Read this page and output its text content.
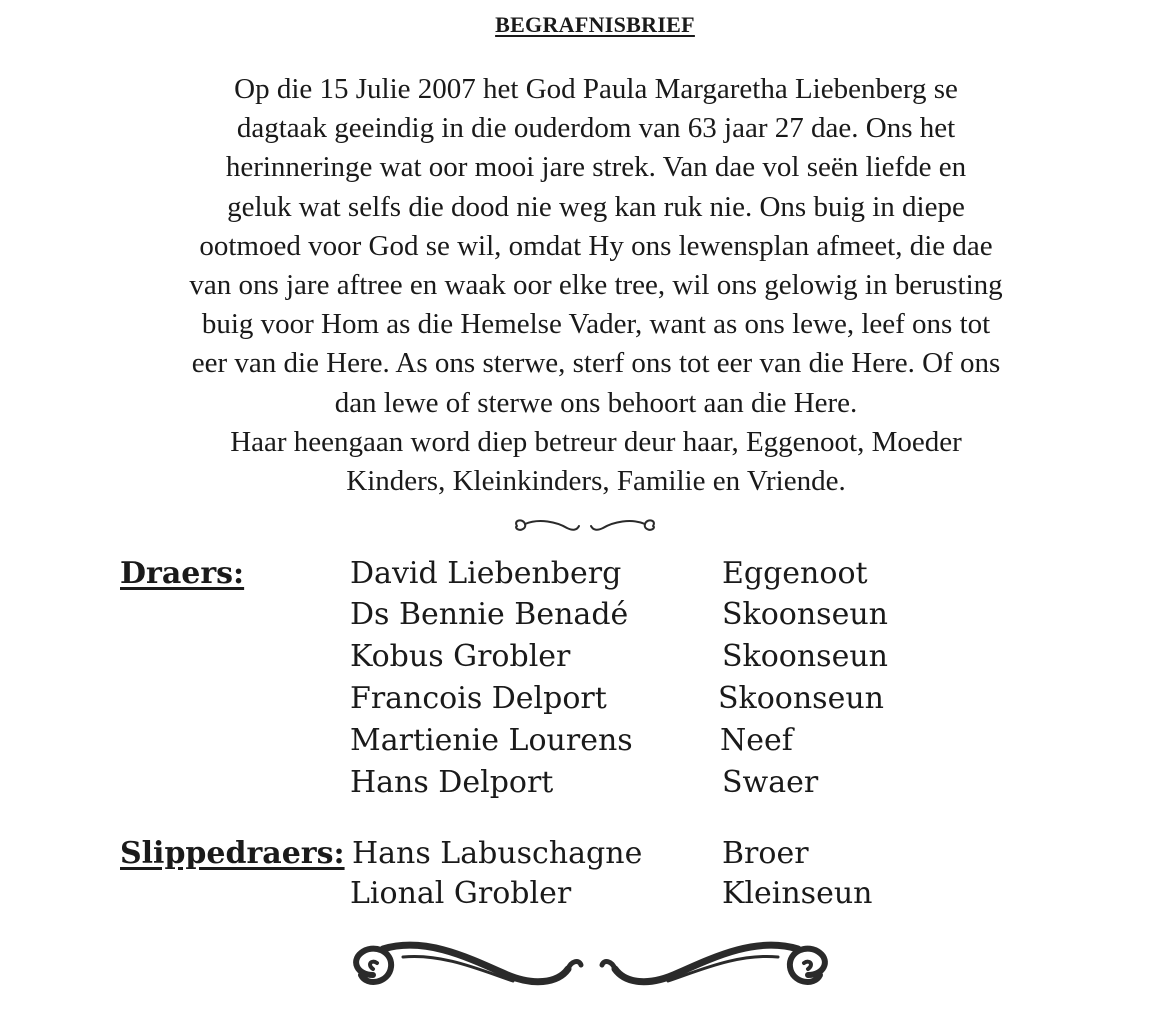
BEGRAFNISBRIEF
Op die 15 Julie 2007 het God Paula Margaretha Liebenberg se
dagtaak geeindig in die ouderdom van 63 jaar 27 dae. Ons het
herinneringe wat oor mooi jare strek. Van dae vol seën liefde en
geluk wat selfs die dood nie weg kan ruk nie. Ons buig in diepe
ootmoed voor God se wil, omdat Hy ons lewensplan afmeet, die dae
van ons jare aftree en waak oor elke tree, wil ons gelowig in berusting
buig voor Hom as die Hemelse Vader, want as ons lewe, leef ons tot
eer van die Here. As ons sterwe, sterf ons tot eer van die Here. Of ons
dan lewe of sterwe ons behoort aan die Here.
Haar heengaan word diep betreur deur haar, Eggenoot, Moeder
Kinders, Kleinkinders, Familie en Vriende.
Draers:	David Liebenberg	Eggenoot
Ds Bennie Benadé	Skoonseun
Kobus Grobler	Skoonseun
Francois Delport	Skoonseun
Martienie Lourens	Neef
Hans Delport	Swaer
Slippedraers: Hans Labuschagne	Broer
Lional Grobler	Kleinseun
